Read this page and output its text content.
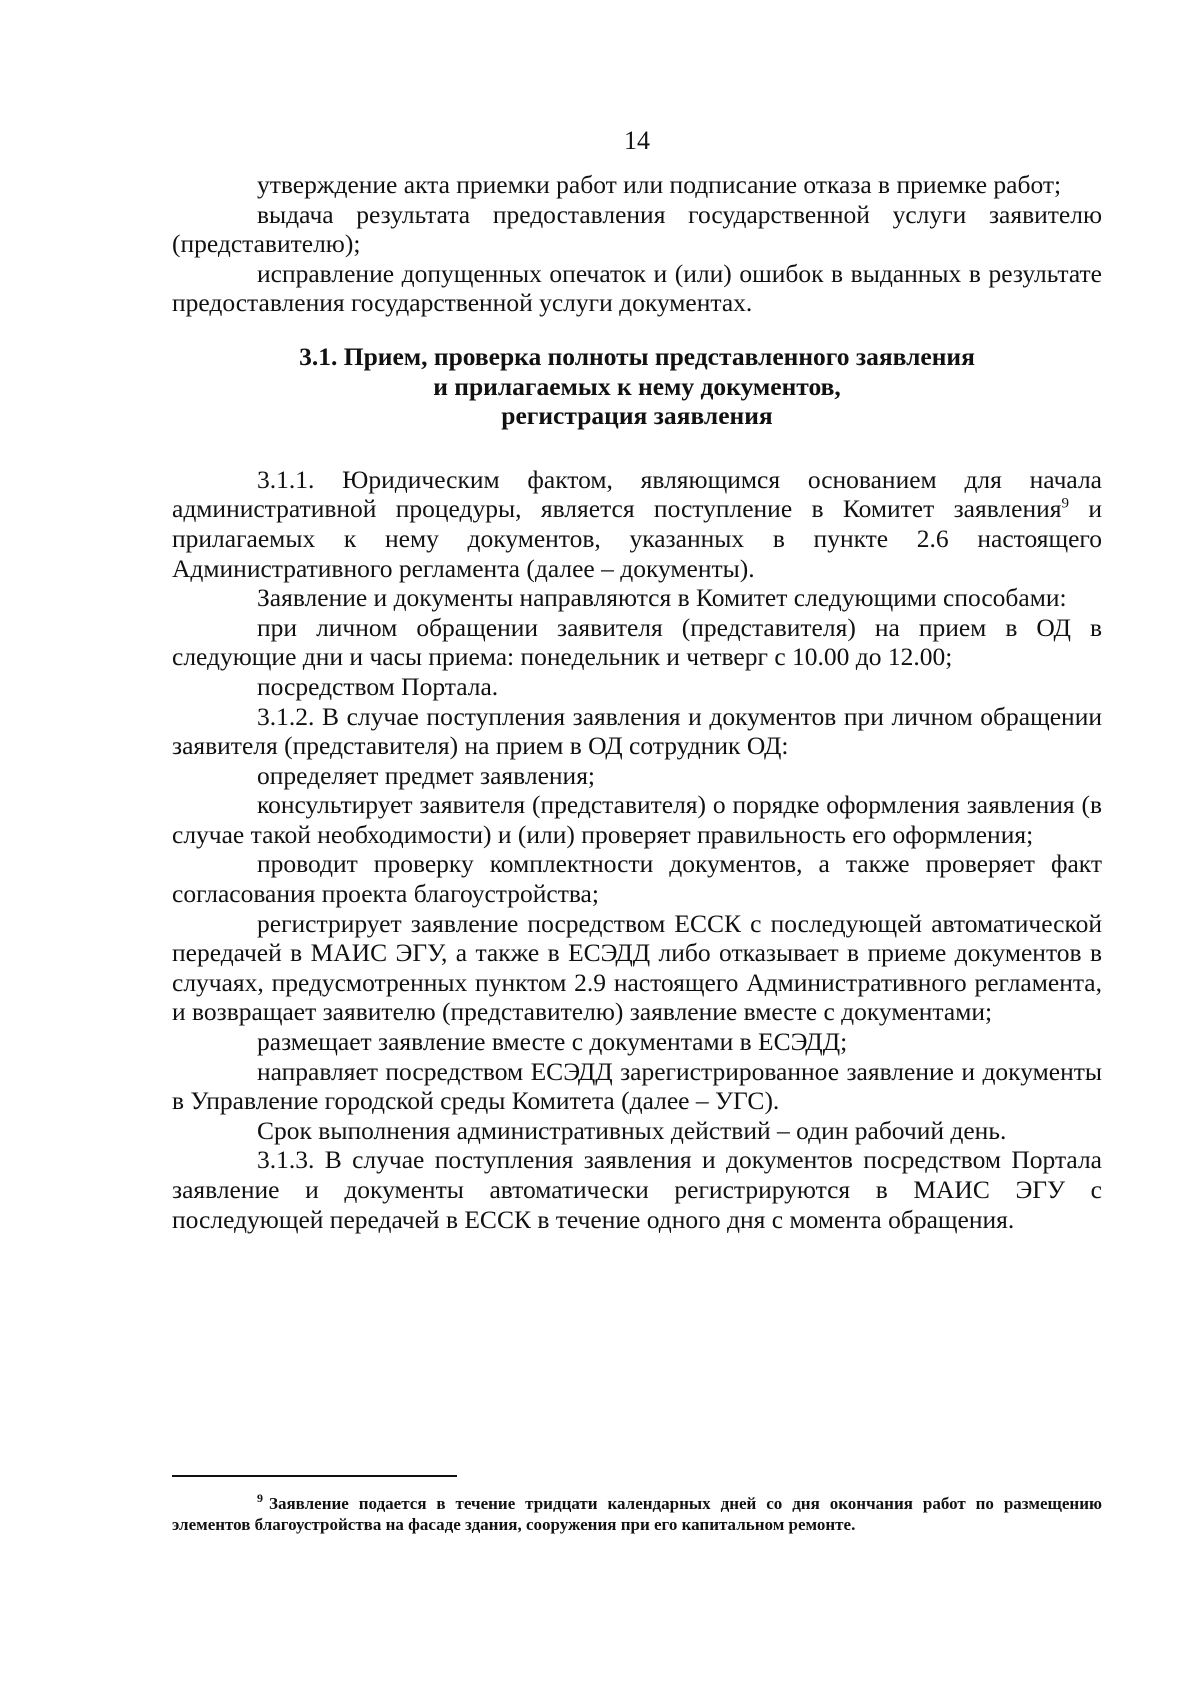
14

утверждение акта приемки работ или подписание отказа в приемке работ;

выдача результата предоставления государственной услуги заявителю (представителю);

исправление допущенных опечаток и (или) ошибок в выданных в результате предоставления государственной услуги документах.

3.1. Прием, проверка полноты представленного заявления
и прилагаемых к нему документов,
регистрация заявления

3.1.1. Юридическим фактом, являющимся основанием для начала административной процедуры, является поступление в Комитет заявления$^9$ и прилагаемых к нему документов, указанных в пункте 2.6 настоящего Административного регламента (далее – документы).

Заявление и документы направляются в Комитет следующими способами:

при личном обращении заявителя (представителя) на прием в ОД в следующие дни и часы приема: понедельник и четверг с 10.00 до 12.00;

посредством Портала.

3.1.2. В случае поступления заявления и документов при личном обращении заявителя (представителя) на прием в ОД сотрудник ОД:

определяет предмет заявления;

консультирует заявителя (представителя) о порядке оформления заявления (в случае такой необходимости) и (или) проверяет правильность его оформления;

проводит проверку комплектности документов, а также проверяет факт согласования проекта благоустройства;

регистрирует заявление посредством ЕССК с последующей автоматической передачей в МАИС ЭГУ, а также в ЕСЭДД либо отказывает в приеме документов в случаях, предусмотренных пунктом 2.9 настоящего Административного регламента, и возвращает заявителю (представителю) заявление вместе с документами;

размещает заявление вместе с документами в ЕСЭДД;

направляет посредством ЕСЭДД зарегистрированное заявление и документы в Управление городской среды Комитета (далее – УГС).

Срок выполнения административных действий – один рабочий день.

3.1.3. В случае поступления заявления и документов посредством Портала заявление и документы автоматически регистрируются в МАИС ЭГУ с последующей передачей в ЕССК в течение одного дня с момента обращения.

$^9$ Заявление подается в течение тридцати календарных дней со дня окончания работ по размещению элементов благоустройства на фасаде здания, сооружения при его капитальном ремонте.
